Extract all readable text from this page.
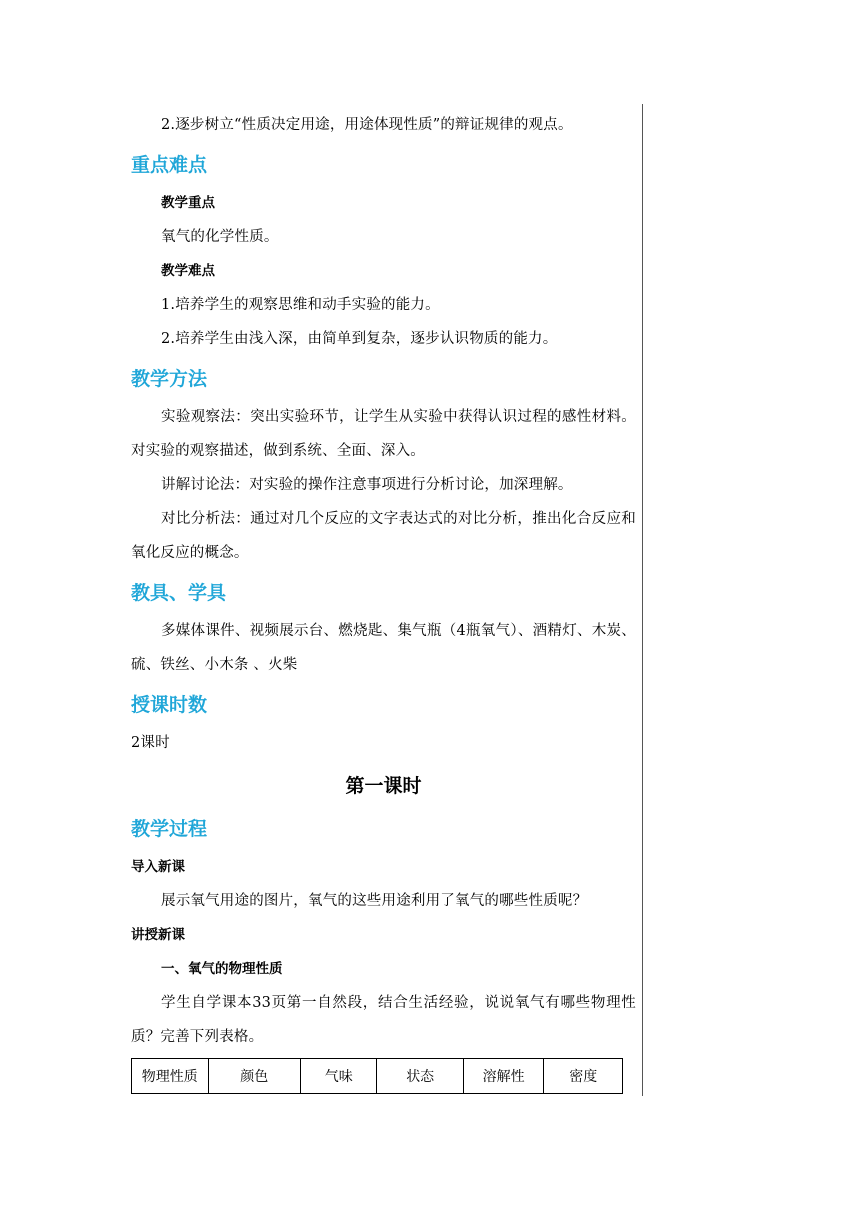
2.逐步树立“性质决定用途，用途体现性质”的辩证规律的观点。

重点难点

教学重点

氧气的化学性质。

教学难点

1.培养学生的观察思维和动手实验的能力。

2.培养学生由浅入深，由简单到复杂，逐步认识物质的能力。

教学方法

实验观察法：突出实验环节，让学生从实验中获得认识过程的感性材料。对实验的观察描述，做到系统、全面、深入。

讲解讨论法：对实验的操作注意事项进行分析讨论，加深理解。

对比分析法：通过对几个反应的文字表达式的对比分析，推出化合反应和氧化反应的概念。

教具、学具

多媒体课件、视频展示台、燃烧匙、集气瓶（4瓶氧气）、酒精灯、木炭、硫、铁丝、小木条 、火柴

授课时数

2课时

第一课时
教学过程

导入新课

展示氧气用途的图片，氧气的这些用途利用了氧气的哪些性质呢？

讲授新课

一、氧气的物理性质

学生自学课本33页第一自然段，结合生活经验，说说氧气有哪些物理性质？完善下列表格。

物理性质	颜色	气味	状态	溶解性	密度
